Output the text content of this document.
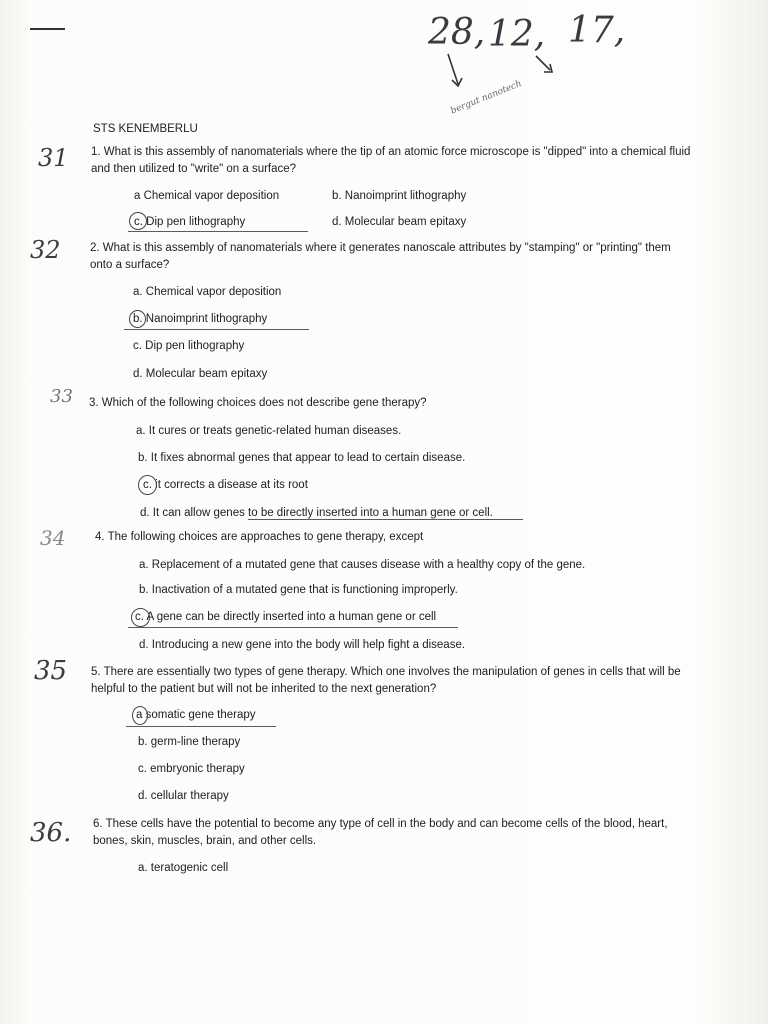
28, 12, 17,
bergut nanotech
STS KENEMBERLU
31
32
33
34
35
36.
1. What is this assembly of nanomaterials where the tip of an atomic force microscope is "dipped" into a chemical fluid and then utilized to "write" on a surface?
a Chemical vapor deposition	b. Nanoimprint lithography
c. Dip pen lithography	d. Molecular beam epitaxy
2. What is this assembly of nanomaterials where it generates nanoscale attributes by "stamping" or "printing" them onto a surface?
a. Chemical vapor deposition
b. Nanoimprint lithography
c. Dip pen lithography
d. Molecular beam epitaxy
3. Which of the following choices does not describe gene therapy?
a. It cures or treats genetic-related human diseases.
b. It fixes abnormal genes that appear to lead to certain disease.
c. it corrects a disease at its root
d. It can allow genes to be directly inserted into a human gene or cell.
4. The following choices are approaches to gene therapy, except
a. Replacement of a mutated gene that causes disease with a healthy copy of the gene.
b. Inactivation of a mutated gene that is functioning improperly.
c. A gene can be directly inserted into a human gene or cell
d. Introducing a new gene into the body will help fight a disease.
5. There are essentially two types of gene therapy. Which one involves the manipulation of genes in cells that will be helpful to the patient but will not be inherited to the next generation?
a somatic gene therapy
b. germ-line therapy
c. embryonic therapy
d. cellular therapy
6. These cells have the potential to become any type of cell in the body and can become cells of the blood, heart, bones, skin, muscles, brain, and other cells.
a. teratogenic cell
